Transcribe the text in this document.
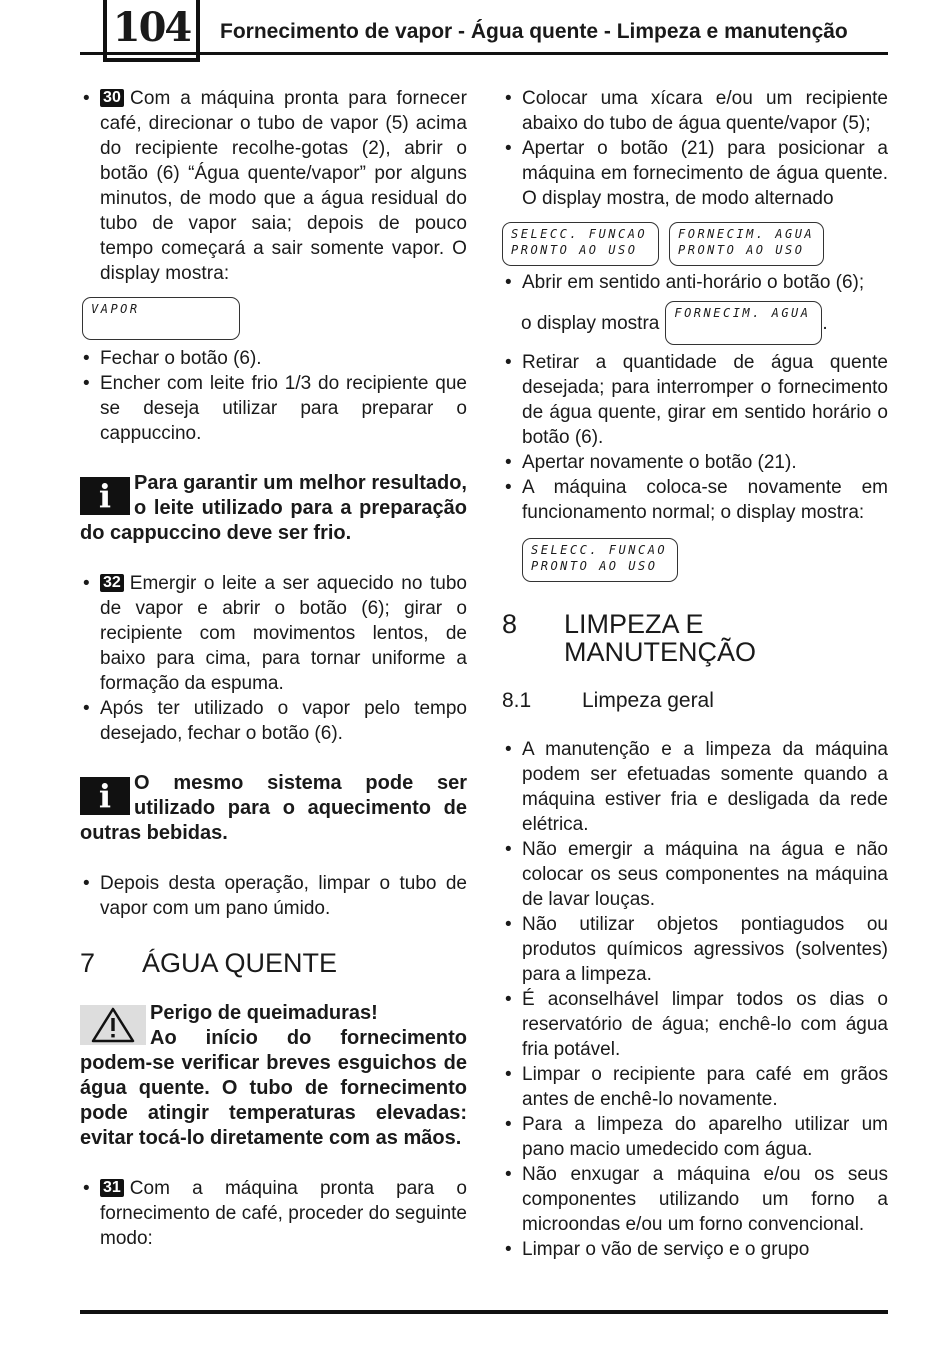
104 Fornecimento de vapor - Água quente - Limpeza e manutenção
• 30 Com a máquina pronta para fornecer café, direcionar o tubo de vapor (5) acima do recipiente recolhe-gotas (2), abrir o botão (6) “Água quente/vapor” por alguns minutos, de modo que a água residual do tubo de vapor saia; depois de pouco tempo começará a sair somente vapor. O display mostra:
VAPOR
• Fechar o botão (6).
• Encher com leite frio 1/3 do recipiente que se deseja utilizar para preparar o cappuccino.
i	Para garantir um melhor resultado, o leite utilizado para a preparação do cappuccino deve ser frio.
• 32 Emergir o leite a ser aquecido no tubo de vapor e abrir o botão (6); girar o recipiente com movimentos lentos, de baixo para cima, para tornar uniforme a formação da espuma.
• Após ter utilizado o vapor pelo tempo desejado, fechar o botão (6).
i	O mesmo sistema pode ser utilizado para o aquecimento de outras bebidas.
• Depois desta operação, limpar o tubo de vapor com um pano úmido.
7	ÁGUA QUENTE
Perigo de queimaduras!
Ao início do fornecimento podem-se verificar breves esguichos de água quente. O tubo de fornecimento pode atingir temperaturas elevadas: evitar tocá-lo diretamente com as mãos.
• 31 Com a máquina pronta para o fornecimento de café, proceder do seguinte modo:
• Colocar uma xícara e/ou um recipiente abaixo do tubo de água quente/vapor (5);
• Apertar o botão (21) para posicionar a máquina em fornecimento de água quente. O display mostra, de modo alternado
SELECC. FUNCAO
PRONTO AO USO
FORNECIM. AGUA
PRONTO AO USO
• Abrir em sentido anti-horário o botão (6);
o display mostra FORNECIM. AGUA .
• Retirar a quantidade de água quente desejada; para interromper o fornecimento de água quente, girar em sentido horário o botão (6).
• Apertar novamente o botão (21).
• A máquina coloca-se novamente em funcionamento normal; o display mostra:
SELECC. FUNCAO
PRONTO AO USO
8	LIMPEZA E
MANUTENÇÃO
8.1	Limpeza geral
• A manutenção e a limpeza da máquina podem ser efetuadas somente quando a máquina estiver fria e desligada da rede elétrica.
• Não emergir a máquina na água e não colocar os seus componentes na máquina de lavar louças.
• Não utilizar objetos pontiagudos ou produtos químicos agressivos (solventes) para a limpeza.
• É aconselhável limpar todos os dias o reservatório de água; enchê-lo com água fria potável.
• Limpar o recipiente para café em grãos antes de enchê-lo novamente.
• Para a limpeza do aparelho utilizar um pano macio umedecido com água.
• Não enxugar a máquina e/ou os seus componentes utilizando um forno a microondas e/ou um forno convencional.
• Limpar o vão de serviço e o grupo
